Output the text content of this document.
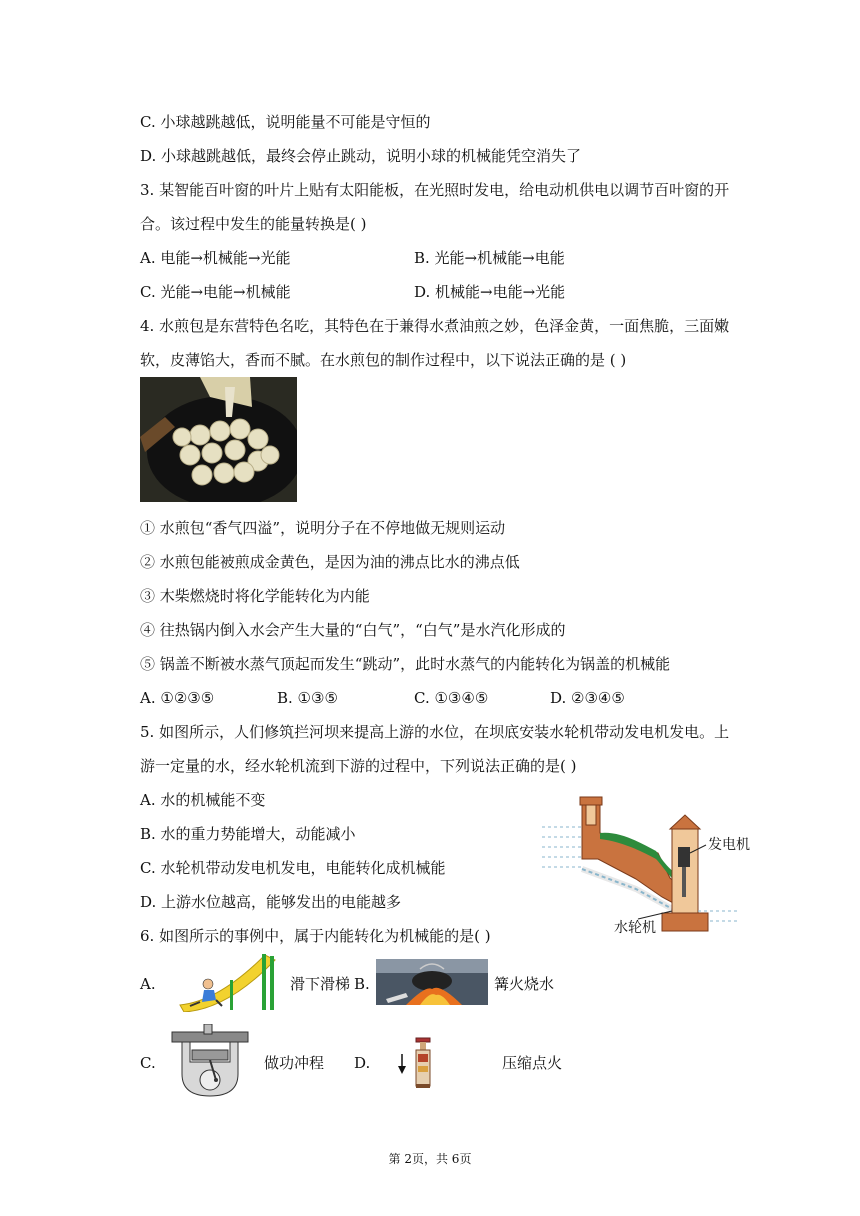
C. 小球越跳越低，说明能量不可能是守恒的
D. 小球越跳越低，最终会停止跳动，说明小球的机械能凭空消失了
3. 某智能百叶窗的叶片上贴有太阳能板，在光照时发电，给电动机供电以调节百叶窗的开
合。该过程中发生的能量转换是( )
A. 电能→机械能→光能	B. 光能→机械能→电能
C. 光能→电能→机械能	D. 机械能→电能→光能
4. 水煎包是东营特色名吃，其特色在于兼得水煮油煎之妙，色泽金黄，一面焦脆，三面嫩
软，皮薄馅大，香而不腻。在水煎包的制作过程中，以下说法正确的是 ( )
① 水煎包“香气四溢”，说明分子在不停地做无规则运动
② 水煎包能被煎成金黄色，是因为油的沸点比水的沸点低
③ 木柴燃烧时将化学能转化为内能
④ 往热锅内倒入水会产生大量的“白气”，“白气”是水汽化形成的
⑤ 锅盖不断被水蒸气顶起而发生“跳动”，此时水蒸气的内能转化为锅盖的机械能
A. ①②③⑤	B. ①③⑤	C. ①③④⑤	D. ②③④⑤
5. 如图所示，人们修筑拦河坝来提高上游的水位，在坝底安装水轮机带动发电机发电。上
游一定量的水，经水轮机流到下游的过程中，下列说法正确的是( )
A. 水的机械能不变
B. 水的重力势能增大，动能减小
C. 水轮机带动发电机发电，电能转化成机械能
D. 上游水位越高，能够发出的电能越多
发电机
水轮机
6. 如图所示的事例中，属于内能转化为机械能的是( )
A.	滑下滑梯 B.	篝火烧水
C.	做功冲程 D.	压缩点火
第 2页，共 6页
